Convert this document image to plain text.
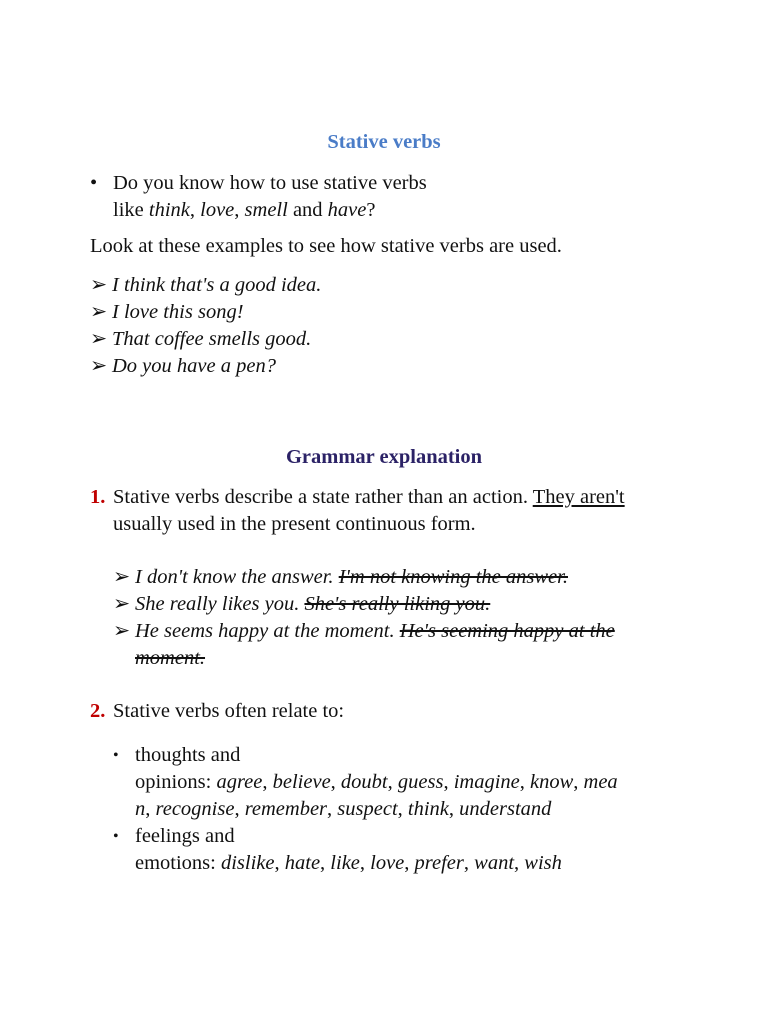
Stative verbs
• Do you know how to use stative verbs
like think, love, smell and have?
Look at these examples to see how stative verbs are used.
➢ I think that's a good idea.
➢ I love this song!
➢ That coffee smells good.
➢ Do you have a pen?
Grammar explanation
1. Stative verbs describe a state rather than an action. They aren't
usually used in the present continuous form.
➢ I don't know the answer. I'm not knowing the answer.
➢ She really likes you. She's really liking you.
➢ He seems happy at the moment. He's seeming happy at the
moment.
2. Stative verbs often relate to:
• thoughts and
opinions: agree, believe, doubt, guess, imagine, know, mea
n, recognise, remember, suspect, think, understand
• feelings and
emotions: dislike, hate, like, love, prefer, want, wish
